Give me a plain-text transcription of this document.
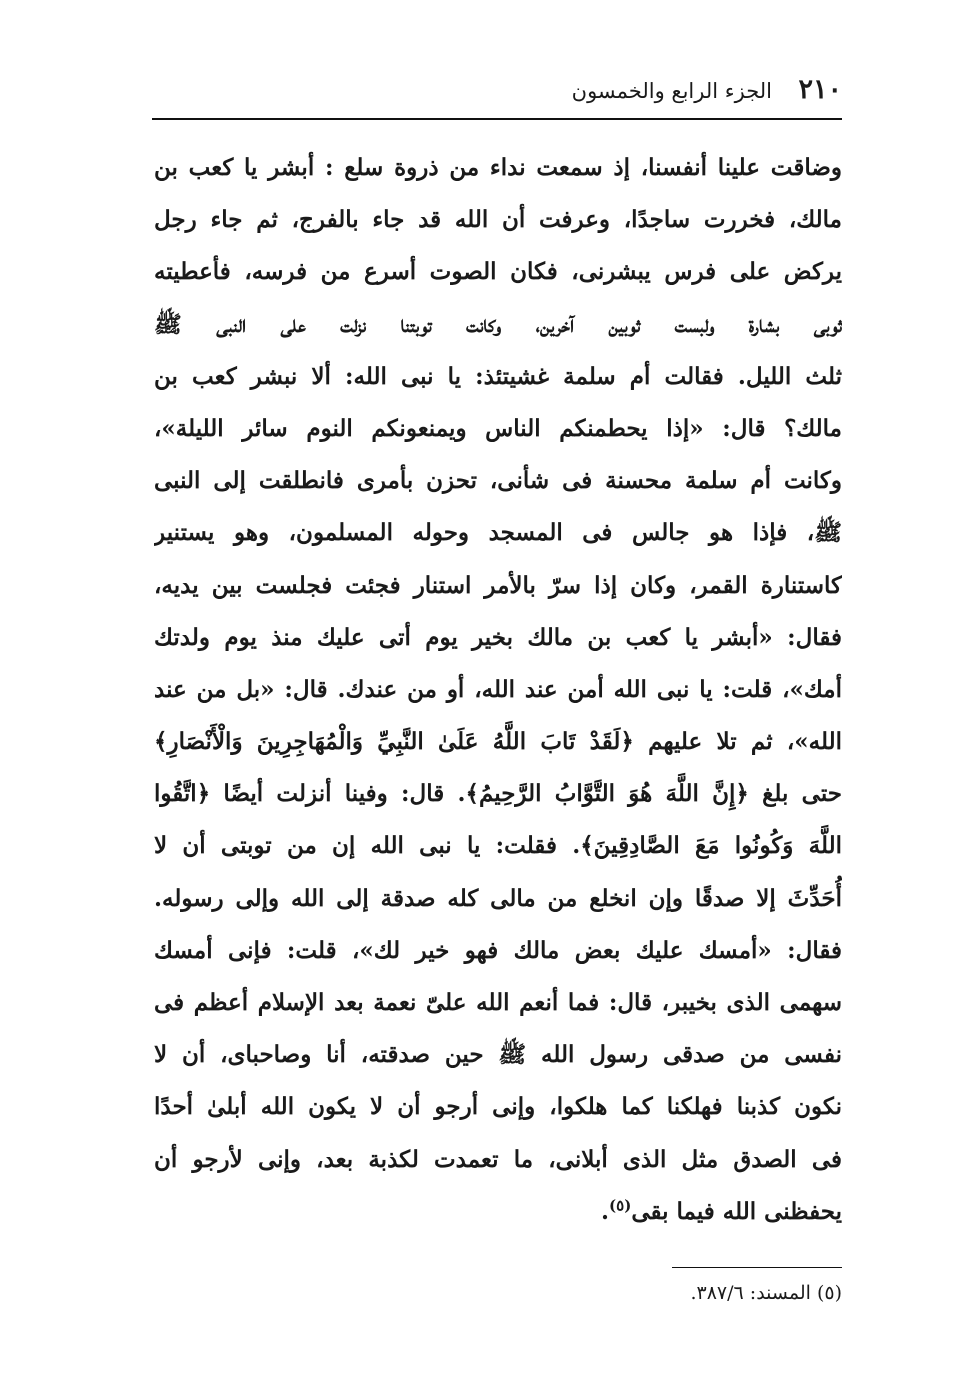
٢١٠
الجزء الرابع والخمسون
وضاقت علينا أنفسنا، إذ سمعت نداء من ذروة سلع : أبشر يا كعب بن
مالك، فخررت ساجدًا، وعرفت أن الله قد جاء بالفرج، ثم جاء رجل
يركض على فرس يبشرنى، فكان الصوت أسرع من فرسه، فأعطيته
ثوبى بشارة ولبست ثوبين آخرين، وكانت توبتنا نزلت على النبى ﷺ
ثلث الليل. فقالت أم سلمة غشيتئذ: يا نبى الله: ألا نبشر كعب بن
مالك؟ قال: «إذا يحطمنكم الناس ويمنعونكم النوم سائر الليلة»،
وكانت أم سلمة محسنة فى شأنى، تحزن بأمرى فانطلقت إلى النبى
ﷺ، فإذا هو جالس فى المسجد وحوله المسلمون، وهو يستنير
كاستنارة القمر، وكان إذا سرّ بالأمر استنار فجئت فجلست بين يديه،
فقال: «أبشر يا كعب بن مالك بخير يوم أتى عليك منذ يوم ولدتك
أمك»، قلت: يا نبى الله أمن عند الله، أو من عندك. قال: «بل من عند
الله»، ثم تلا عليهم ﴿لَقَدْ تَابَ اللَّهُ عَلَىٰ النَّبِيِّ وَالْمُهَاجِرِينَ وَالْأَنْصَارِ﴾
حتى بلغ ﴿إِنَّ اللَّهَ هُوَ التَّوَّابُ الرَّحِيمُ﴾. قال: وفينا أنزلت أيضًا ﴿اتَّقُوا
اللَّهَ وَكُونُوا مَعَ الصَّادِقِينَ﴾. فقلت: يا نبى الله إن من توبتى أن لا
أُحَدِّثَ إلا صدقًا وإن انخلع من مالى كله صدقة إلى الله وإلى رسوله.
فقال: «أمسك عليك بعض مالك فهو خير لك»، قلت: فإنى أمسك
سهمى الذى بخيبر، قال: فما أنعم الله علىّ نعمة بعد الإسلام أعظم فى
نفسى من صدقى رسول الله ﷺ حين صدقته، أنا وصاحباى، أن لا
نكون كذبنا فهلكنا كما هلكوا، وإنى أرجو أن لا يكون الله أبلىٰ أحدًا
فى الصدق مثل الذى أبلانى، ما تعمدت لكذبة بعد، وإنى لأرجو أن
يحفظنى الله فيما بقى$^{(٥)}$.
(٥) المسند: ٣٨٧/٦.
